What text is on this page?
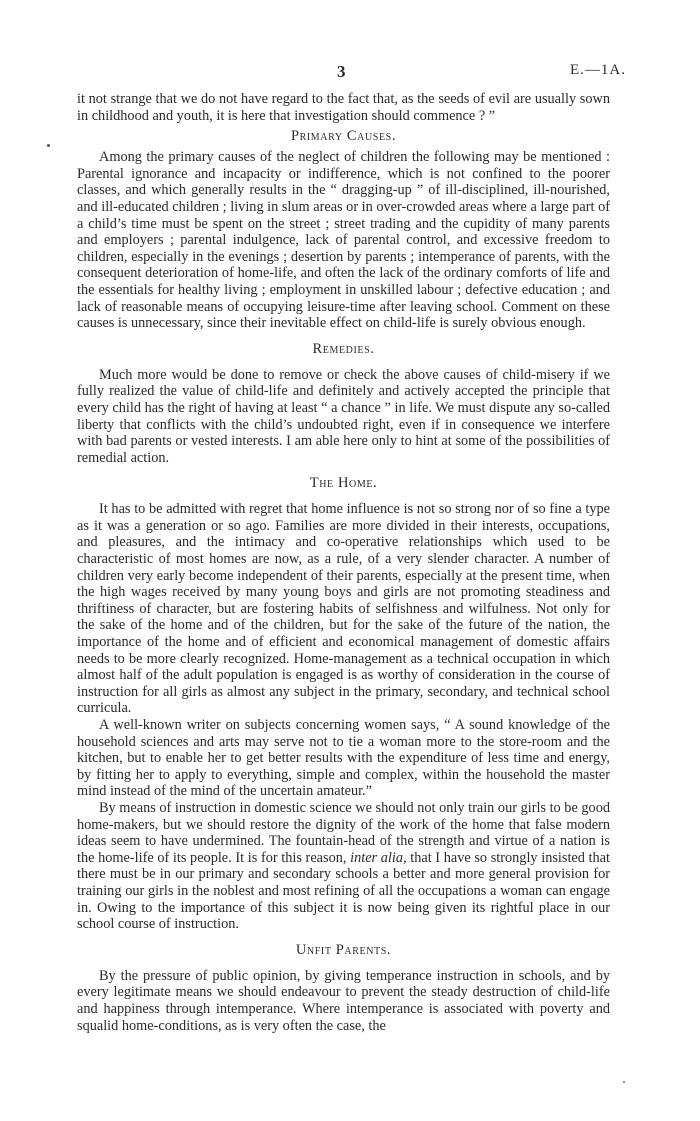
3	E.—1A.

it not strange that we do not have regard to the fact that, as the seeds of evil are usually sown in childhood and youth, it is here that investigation should commence ? ”

Primary Causes.

Among the primary causes of the neglect of children the following may be mentioned : Parental ignorance and incapacity or indifference, which is not confined to the poorer classes, and which generally results in the “ dragging-up ” of ill-disciplined, ill-nourished, and ill-educated children ; living in slum areas or in over-crowded areas where a large part of a child’s time must be spent on the street ; street trading and the cupidity of many parents and employers ; parental indulgence, lack of parental control, and excessive freedom to children, especially in the evenings ; desertion by parents ; intemperance of parents, with the consequent deterioration of home-life, and often the lack of the ordinary comforts of life and the essentials for healthy living ; employment in unskilled labour ; defective education ; and lack of reasonable means of occupying leisure-time after leaving school. Comment on these causes is unnecessary, since their inevitable effect on child-life is surely obvious enough.

Remedies.

Much more would be done to remove or check the above causes of child-misery if we fully realized the value of child-life and definitely and actively accepted the principle that every child has the right of having at least “ a chance ” in life. We must dispute any so-called liberty that conflicts with the child’s undoubted right, even if in consequence we interfere with bad parents or vested interests. I am able here only to hint at some of the possibilities of remedial action.

The Home.

It has to be admitted with regret that home influence is not so strong nor of so fine a type as it was a generation or so ago. Families are more divided in their interests, occupations, and pleasures, and the intimacy and co-operative relationships which used to be characteristic of most homes are now, as a rule, of a very slender character. A number of children very early become independent of their parents, especially at the present time, when the high wages received by many young boys and girls are not promoting steadiness and thriftiness of character, but are fostering habits of selfishness and wilfulness. Not only for the sake of the home and of the children, but for the sake of the future of the nation, the importance of the home and of efficient and economical management of domestic affairs needs to be more clearly recognized. Home-management as a technical occupation in which almost half of the adult population is engaged is as worthy of consideration in the course of instruction for all girls as almost any subject in the primary, secondary, and technical school curricula.

A well-known writer on subjects concerning women says, “ A sound knowledge of the household sciences and arts may serve not to tie a woman more to the store-room and the kitchen, but to enable her to get better results with the expenditure of less time and energy, by fitting her to apply to everything, simple and complex, within the household the master mind instead of the mind of the uncertain amateur.”

By means of instruction in domestic science we should not only train our girls to be good home-makers, but we should restore the dignity of the work of the home that false modern ideas seem to have undermined. The fountain-head of the strength and virtue of a nation is the home-life of its people. It is for this reason, inter alia, that I have so strongly insisted that there must be in our primary and secondary schools a better and more general provision for training our girls in the noblest and most refining of all the occupations a woman can engage in. Owing to the importance of this subject it is now being given its rightful place in our school course of instruction.

Unfit Parents.

By the pressure of public opinion, by giving temperance instruction in schools, and by every legitimate means we should endeavour to prevent the steady destruction of child-life and happiness through intemperance. Where intemperance is associated with poverty and squalid home-conditions, as is very often the case, the
